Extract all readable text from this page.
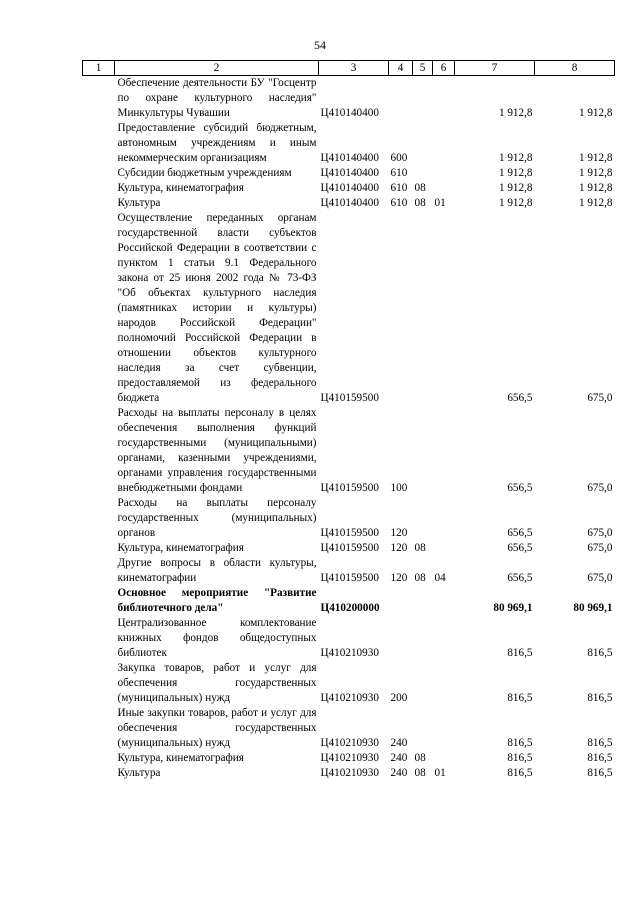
54
1	2	3	4	5	6	7	8
	Обеспечение деятельности БУ "Госцентр по охране культурного наследия" Минкультуры Чувашии	Ц410140400				1 912,8	1 912,8
	Предоставление субсидий бюджетным, автономным учреждениям и иным некоммерческим организациям	Ц410140400	600			1 912,8	1 912,8
	Субсидии бюджетным учреждениям	Ц410140400	610			1 912,8	1 912,8
	Культура, кинематография	Ц410140400	610	08		1 912,8	1 912,8
	Культура	Ц410140400	610	08	01	1 912,8	1 912,8
	Осуществление переданных органам государственной власти субъектов Российской Федерации в соответствии с пунктом 1 статьи 9.1 Федерального закона от 25 июня 2002 года № 73-ФЗ "Об объектах культурного наследия (памятниках истории и культуры) народов Российской Федерации" полномочий Российской Федерации в отношении объектов культурного наследия за счет субвенции, предоставляемой из федерального бюджета	Ц410159500				656,5	675,0
	Расходы на выплаты персоналу в целях обеспечения выполнения функций государственными (муниципальными) органами, казенными учреждениями, органами управления государственными внебюджетными фондами	Ц410159500	100			656,5	675,0
	Расходы на выплаты персоналу государственных (муниципальных) органов	Ц410159500	120			656,5	675,0
	Культура, кинематография	Ц410159500	120	08		656,5	675,0
	Другие вопросы в области культуры, кинематографии	Ц410159500	120	08	04	656,5	675,0
	Основное мероприятие "Развитие библиотечного дела"	Ц410200000				80 969,1	80 969,1
	Централизованное комплектование книжных фондов общедоступных библиотек	Ц410210930				816,5	816,5
	Закупка товаров, работ и услуг для обеспечения государственных (муниципальных) нужд	Ц410210930	200			816,5	816,5
	Иные закупки товаров, работ и услуг для обеспечения государственных (муниципальных) нужд	Ц410210930	240			816,5	816,5
	Культура, кинематография	Ц410210930	240	08		816,5	816,5
	Культура	Ц410210930	240	08	01	816,5	816,5
